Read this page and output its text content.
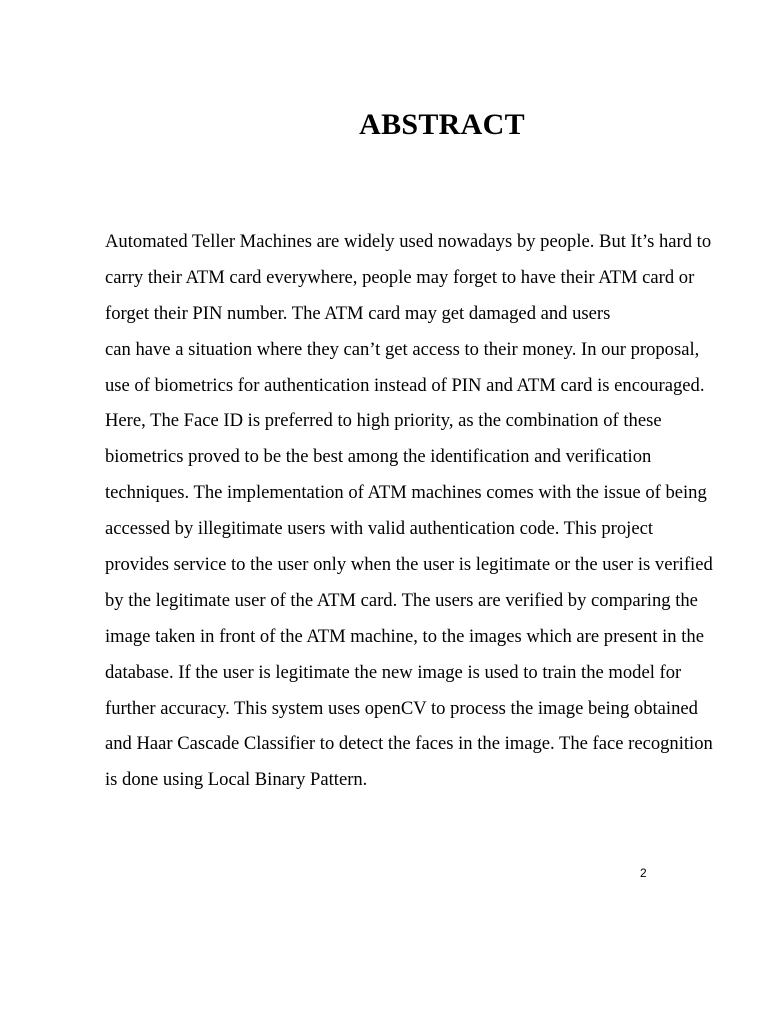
ABSTRACT
Automated Teller Machines are widely used nowadays by people. But It’s hard to
carry their ATM card everywhere, people may forget to have their ATM card or
forget their PIN number. The ATM card may get damaged and users
can have a situation where they can’t get access to their money. In our proposal,
use of biometrics for authentication instead of PIN and ATM card is encouraged.
Here, The Face ID is preferred to high priority, as the combination of these
biometrics proved to be the best among the identification and verification
techniques. The implementation of ATM machines comes with the issue of being
accessed by illegitimate users with valid authentication code. This project
provides service to the user only when the user is legitimate or the user is verified
by the legitimate user of the ATM card. The users are verified by comparing the
image taken in front of the ATM machine, to the images which are present in the
database. If the user is legitimate the new image is used to train the model for
further accuracy. This system uses openCV to process the image being obtained
and Haar Cascade Classifier to detect the faces in the image. The face recognition
is done using Local Binary Pattern.

2
